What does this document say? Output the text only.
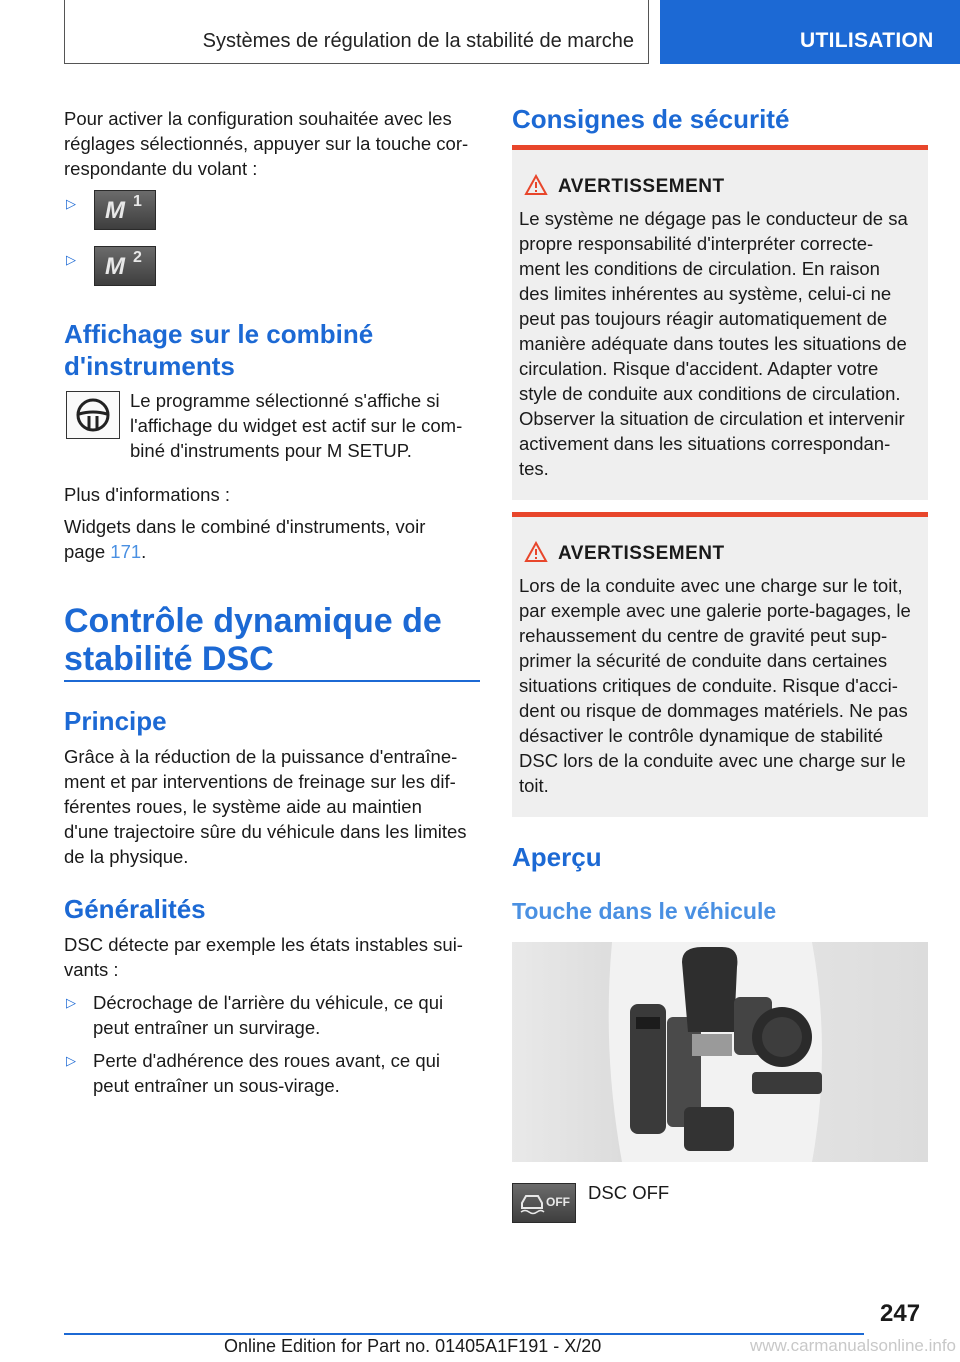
Systèmes de régulation de la stabilité de marche	UTILISATION
Pour activer la configuration souhaitée avec les
réglages sélectionnés, appuyer sur la touche cor-
respondante du volant :
▷ M 1
▷ M 2
Affichage sur le combiné
d'instruments
Le programme sélectionné s'affiche si
l'affichage du widget est actif sur le com-
biné d'instruments pour M SETUP.
Plus d'informations :
Widgets dans le combiné d'instruments, voir
page 171.
Contrôle dynamique de
stabilité DSC
Principe
Grâce à la réduction de la puissance d'entraîne-
ment et par interventions de freinage sur les dif-
férentes roues, le système aide au maintien
d'une trajectoire sûre du véhicule dans les limites
de la physique.
Généralités
DSC détecte par exemple les états instables sui-
vants :
▷ Décrochage de l'arrière du véhicule, ce qui
peut entraîner un survirage.
▷ Perte d'adhérence des roues avant, ce qui
peut entraîner un sous-virage.
Consignes de sécurité
AVERTISSEMENT
Le système ne dégage pas le conducteur de sa
propre responsabilité d'interpréter correcte-
ment les conditions de circulation. En raison
des limites inhérentes au système, celui-ci ne
peut pas toujours réagir automatiquement de
manière adéquate dans toutes les situations de
circulation. Risque d'accident. Adapter votre
style de conduite aux conditions de circulation.
Observer la situation de circulation et intervenir
activement dans les situations correspondan-
tes.
AVERTISSEMENT
Lors de la conduite avec une charge sur le toit,
par exemple avec une galerie porte-bagages, le
rehaussement du centre de gravité peut sup-
primer la sécurité de conduite dans certaines
situations critiques de conduite. Risque d'acci-
dent ou risque de dommages matériels. Ne pas
désactiver le contrôle dynamique de stabilité
DSC lors de la conduite avec une charge sur le
toit.
Aperçu
Touche dans le véhicule
OFF DSC OFF
247
Online Edition for Part no. 01405A1F191 - X/20	www.carmanualsonline.info
